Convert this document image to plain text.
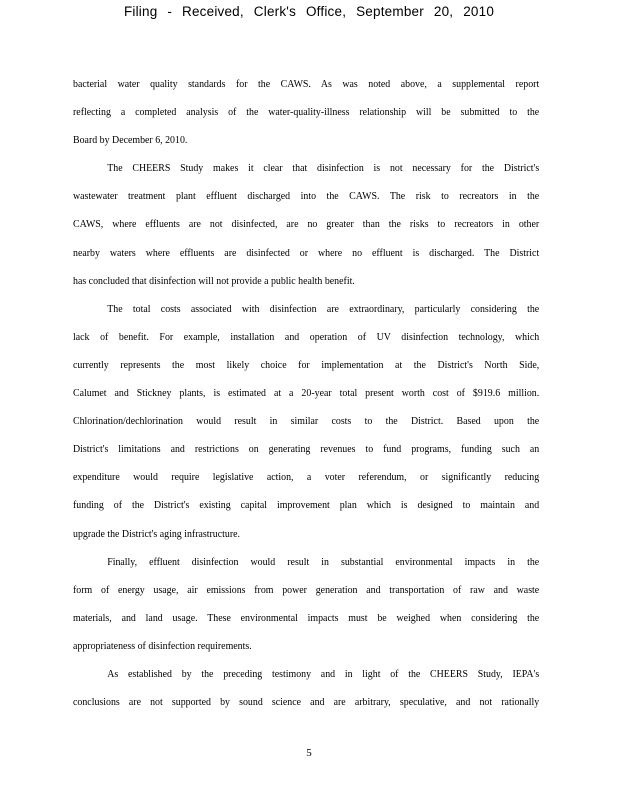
Filing - Received, Clerk's Office, September 20, 2010
bacterial water quality standards for the CAWS. As was noted above, a supplemental report
reflecting a completed analysis of the water-quality-illness relationship will be submitted to the
Board by December 6, 2010.
The CHEERS Study makes it clear that disinfection is not necessary for the District's
wastewater treatment plant effluent discharged into the CAWS. The risk to recreators in the
CAWS, where effluents are not disinfected, are no greater than the risks to recreators in other
nearby waters where effluents are disinfected or where no effluent is discharged. The District
has concluded that disinfection will not provide a public health benefit.
The total costs associated with disinfection are extraordinary, particularly considering the
lack of benefit. For example, installation and operation of UV disinfection technology, which
currently represents the most likely choice for implementation at the District's North Side,
Calumet and Stickney plants, is estimated at a 20-year total present worth cost of $919.6 million.
Chlorination/dechlorination would result in similar costs to the District. Based upon the
District's limitations and restrictions on generating revenues to fund programs, funding such an
expenditure would require legislative action, a voter referendum, or significantly reducing
funding of the District's existing capital improvement plan which is designed to maintain and
upgrade the District's aging infrastructure.
Finally, effluent disinfection would result in substantial environmental impacts in the
form of energy usage, air emissions from power generation and transportation of raw and waste
materials, and land usage. These environmental impacts must be weighed when considering the
appropriateness of disinfection requirements.
As established by the preceding testimony and in light of the CHEERS Study, IEPA's
conclusions are not supported by sound science and are arbitrary, speculative, and not rationally
5
